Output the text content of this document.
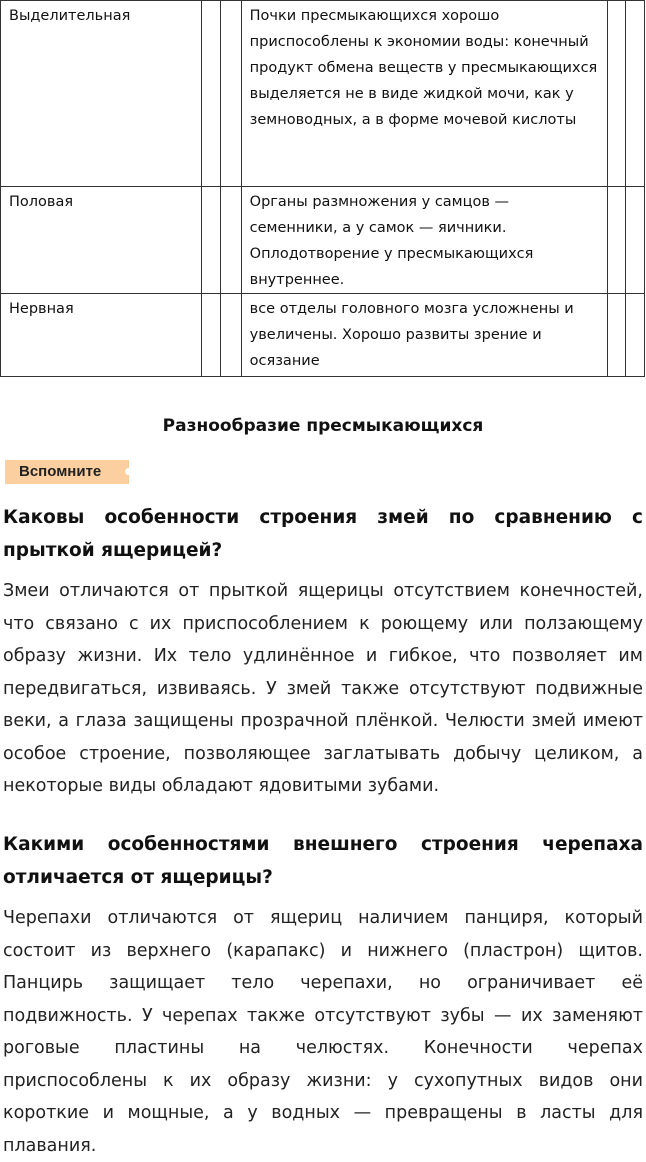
Выделительная			Почки пресмыкающихся хорошо приспособлены к экономии воды: конечный продукт обмена веществ у пресмыкающихся выделяется не в виде жидкой мочи, как у земноводных, а в форме мочевой кислоты		
Половая			Органы размножения у самцов — семенники, а у самок — яичники. Оплодотворение у пресмыкающихся внутреннее.		
Нервная			все отделы головного мозга усложнены и увеличены. Хорошо развиты зрение и осязание		
Разнообразие пресмыкающихся
Вспомните
Каковы особенности строения змей по сравнению с прыткой ящерицей?
Змеи отличаются от прыткой ящерицы отсутствием конечностей, что связано с их приспособлением к роющему или ползающему образу жизни. Их тело удлинённое и гибкое, что позволяет им передвигаться, извиваясь. У змей также отсутствуют подвижные веки, а глаза защищены прозрачной плёнкой. Челюсти змей имеют особое строение, позволяющее заглатывать добычу целиком, а некоторые виды обладают ядовитыми зубами.
Какими особенностями внешнего строения черепаха отличается от ящерицы?
Черепахи отличаются от ящериц наличием панциря, который состоит из верхнего (карапакс) и нижнего (пластрон) щитов. Панцирь защищает тело черепахи, но ограничивает её подвижность. У черепах также отсутствуют зубы — их заменяют роговые пластины на челюстях. Конечности черепах приспособлены к их образу жизни: у сухопутных видов они короткие и мощные, а у водных — превращены в ласты для плавания.
